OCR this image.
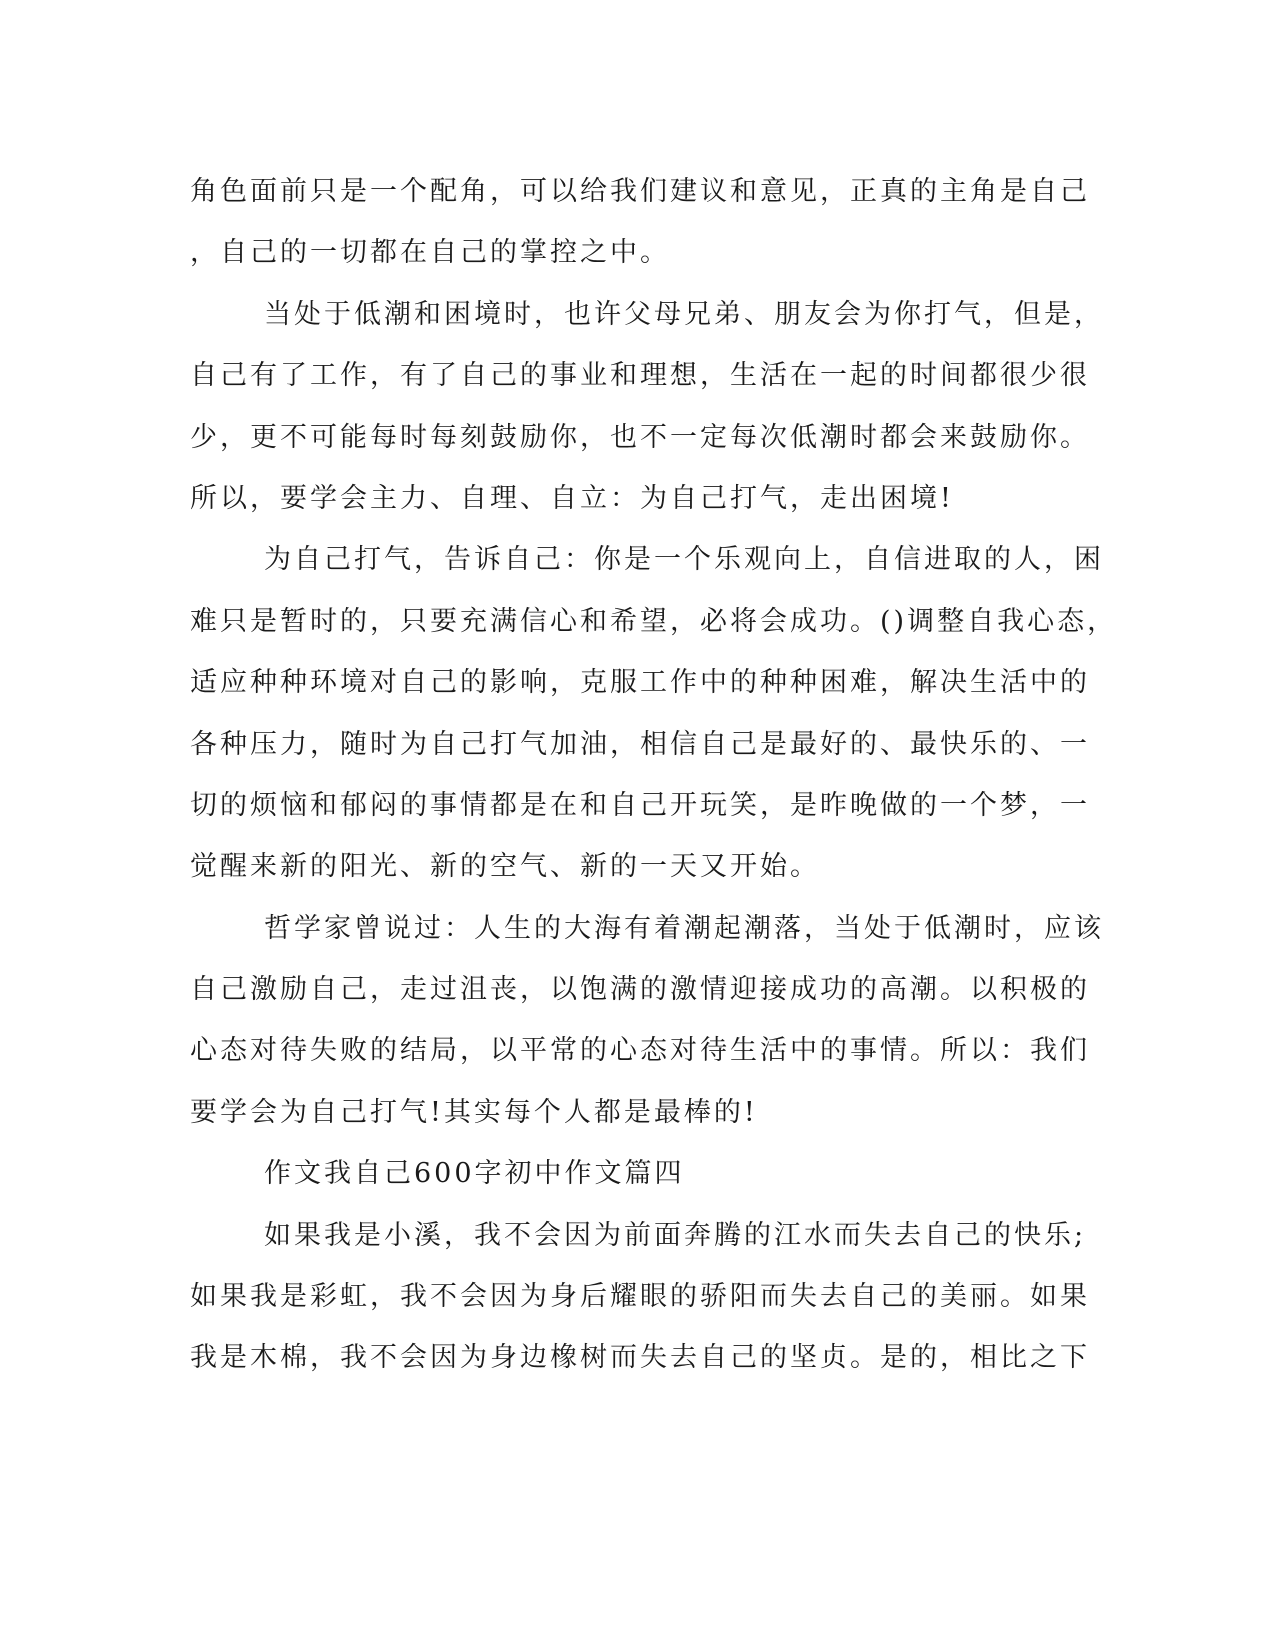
角色面前只是一个配角，可以给我们建议和意见，正真的主角是自己
，自己的一切都在自己的掌控之中。
当处于低潮和困境时，也许父母兄弟、朋友会为你打气，但是，
自己有了工作，有了自己的事业和理想，生活在一起的时间都很少很
少，更不可能每时每刻鼓励你，也不一定每次低潮时都会来鼓励你。
所以，要学会主力、自理、自立：为自己打气，走出困境!
为自己打气，告诉自己：你是一个乐观向上，自信进取的人，困
难只是暂时的，只要充满信心和希望，必将会成功。()调整自我心态，
适应种种环境对自己的影响，克服工作中的种种困难，解决生活中的
各种压力，随时为自己打气加油，相信自己是最好的、最快乐的、一
切的烦恼和郁闷的事情都是在和自己开玩笑，是昨晚做的一个梦，一
觉醒来新的阳光、新的空气、新的一天又开始。
哲学家曾说过：人生的大海有着潮起潮落，当处于低潮时，应该
自己激励自己，走过沮丧，以饱满的激情迎接成功的高潮。以积极的
心态对待失败的结局，以平常的心态对待生活中的事情。所以：我们
要学会为自己打气!其实每个人都是最棒的!
作文我自己600字初中作文篇四
如果我是小溪，我不会因为前面奔腾的江水而失去自己的快乐;
如果我是彩虹，我不会因为身后耀眼的骄阳而失去自己的美丽。如果
我是木棉，我不会因为身边橡树而失去自己的坚贞。是的，相比之下
